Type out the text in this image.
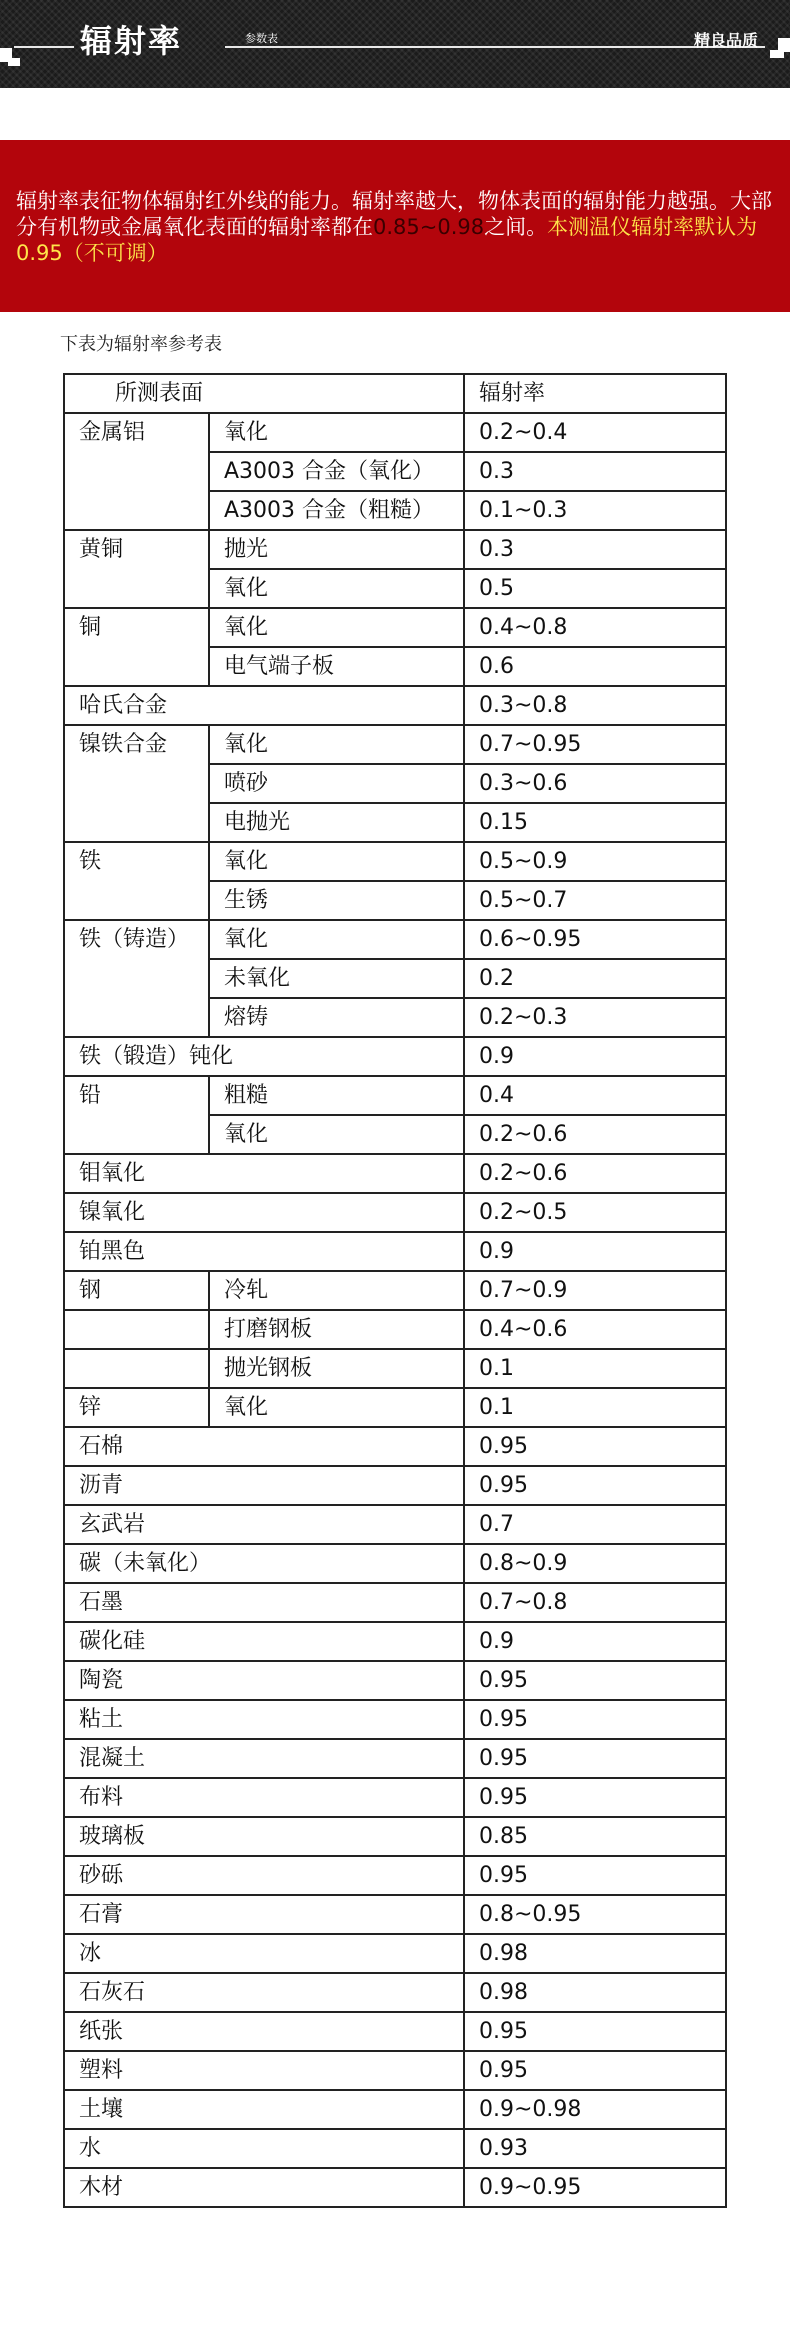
辐射率	参数表	精良品质

辐射率表征物体辐射红外线的能力。辐射率越大，物体表面的辐射能力越强。大部分有机物或金属氧化表面的辐射率都在0.85~0.98之间。本测温仪辐射率默认为0.95（不可调）

下表为辐射率参考表
所测表面		辐射率
金属铝	氧化	0.2~0.4
	A3003 合金（氧化）	0.3
	A3003 合金（粗糙）	0.1~0.3
黄铜	抛光	0.3
	氧化	0.5
铜	氧化	0.4~0.8
	电气端子板	0.6
哈氏合金		0.3~0.8
镍铁合金	氧化	0.7~0.95
	喷砂	0.3~0.6
	电抛光	0.15
铁	氧化	0.5~0.9
	生锈	0.5~0.7
铁（铸造）	氧化	0.6~0.95
	未氧化	0.2
	熔铸	0.2~0.3
铁（锻造）钝化		0.9
铅	粗糙	0.4
	氧化	0.2~0.6
钼氧化		0.2~0.6
镍氧化		0.2~0.5
铂黑色		0.9
钢	冷轧	0.7~0.9
	打磨钢板	0.4~0.6
	抛光钢板	0.1
锌	氧化	0.1
石棉		0.95
沥青		0.95
玄武岩		0.7
碳（未氧化）		0.8~0.9
石墨		0.7~0.8
碳化硅		0.9
陶瓷		0.95
粘土		0.95
混凝土		0.95
布料		0.95
玻璃板		0.85
砂砾		0.95
石膏		0.8~0.95
冰		0.98
石灰石		0.98
纸张		0.95
塑料		0.95
土壤		0.9~0.98
水		0.93
木材		0.9~0.95
